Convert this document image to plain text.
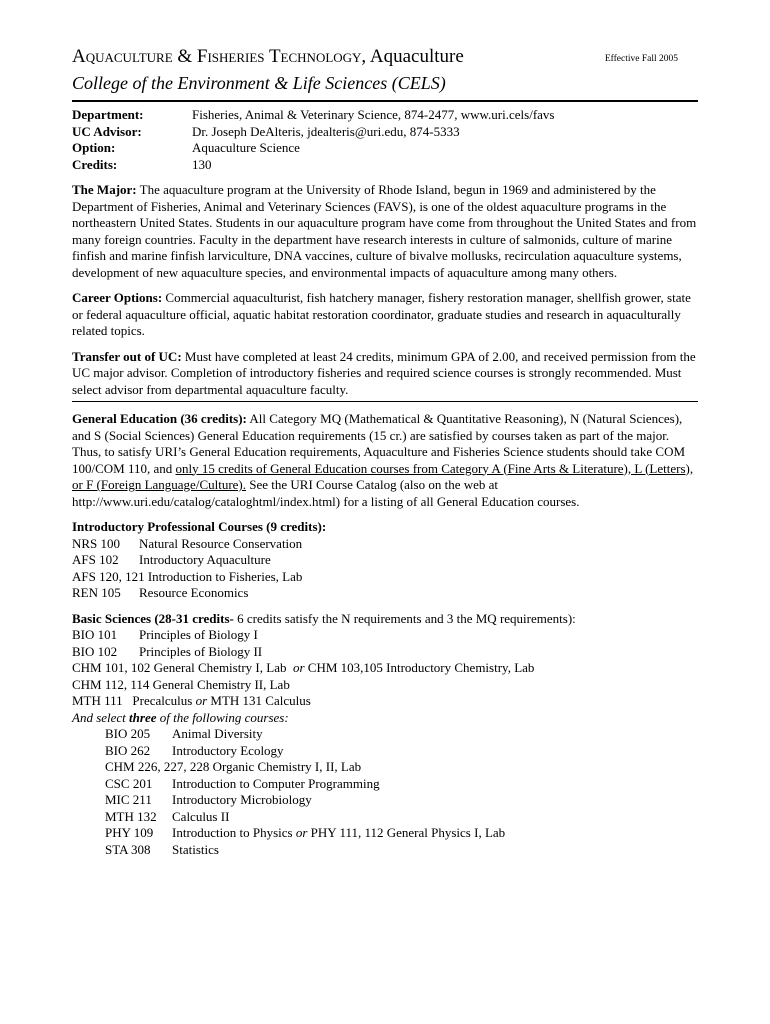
Aquaculture & Fisheries Technology, Aquaculture	Effective Fall 2005
College of the Environment & Life Sciences (CELS)
Department:	Fisheries, Animal & Veterinary Science, 874-2477, www.uri.cels/favs
UC Advisor:	Dr. Joseph DeAlteris, jdealteris@uri.edu, 874-5333
Option:	Aquaculture Science
Credits:	130
The Major: The aquaculture program at the University of Rhode Island, begun in 1969 and administered by the Department of Fisheries, Animal and Veterinary Sciences (FAVS), is one of the oldest aquaculture programs in the northeastern United States. Students in our aquaculture program have come from throughout the United States and from many foreign countries. Faculty in the department have research interests in culture of salmonids, culture of marine finfish and marine finfish larviculture, DNA vaccines, culture of bivalve mollusks, recirculation aquaculture systems, development of new aquaculture species, and environmental impacts of aquaculture among many others.
Career Options: Commercial aquaculturist, fish hatchery manager, fishery restoration manager, shellfish grower, state or federal aquaculture official, aquatic habitat restoration coordinator, graduate studies and research in aquaculturally related topics.
Transfer out of UC: Must have completed at least 24 credits, minimum GPA of 2.00, and received permission from the UC major advisor. Completion of introductory fisheries and required science courses is strongly recommended. Must select advisor from departmental aquaculture faculty.
General Education (36 credits): All Category MQ (Mathematical & Quantitative Reasoning), N (Natural Sciences), and S (Social Sciences) General Education requirements (15 cr.) are satisfied by courses taken as part of the major. Thus, to satisfy URI’s General Education requirements, Aquaculture and Fisheries Science students should take COM 100/COM 110, and only 15 credits of General Education courses from Category A (Fine Arts & Literature), L (Letters), or F (Foreign Language/Culture). See the URI Course Catalog (also on the web at http://www.uri.edu/catalog/cataloghtml/index.html) for a listing of all General Education courses.
Introductory Professional Courses (9 credits):
NRS 100	Natural Resource Conservation
AFS 102	Introductory Aquaculture
AFS 120, 121 Introduction to Fisheries, Lab
REN 105	Resource Economics
Basic Sciences (28-31 credits- 6 credits satisfy the N requirements and 3 the MQ requirements):
BIO 101	Principles of Biology I
BIO 102	Principles of Biology II
CHM 101, 102 General Chemistry I, Lab  or CHM 103,105 Introductory Chemistry, Lab
CHM 112, 114 General Chemistry II, Lab
MTH 111   Precalculus or MTH 131 Calculus
And select three of the following courses:
BIO 205	Animal Diversity
BIO 262	Introductory Ecology
CHM 226, 227, 228 Organic Chemistry I, II, Lab
CSC 201	Introduction to Computer Programming
MIC 211	Introductory Microbiology
MTH 132	Calculus II
PHY 109	Introduction to Physics or PHY 111, 112 General Physics I, Lab
STA 308	Statistics
